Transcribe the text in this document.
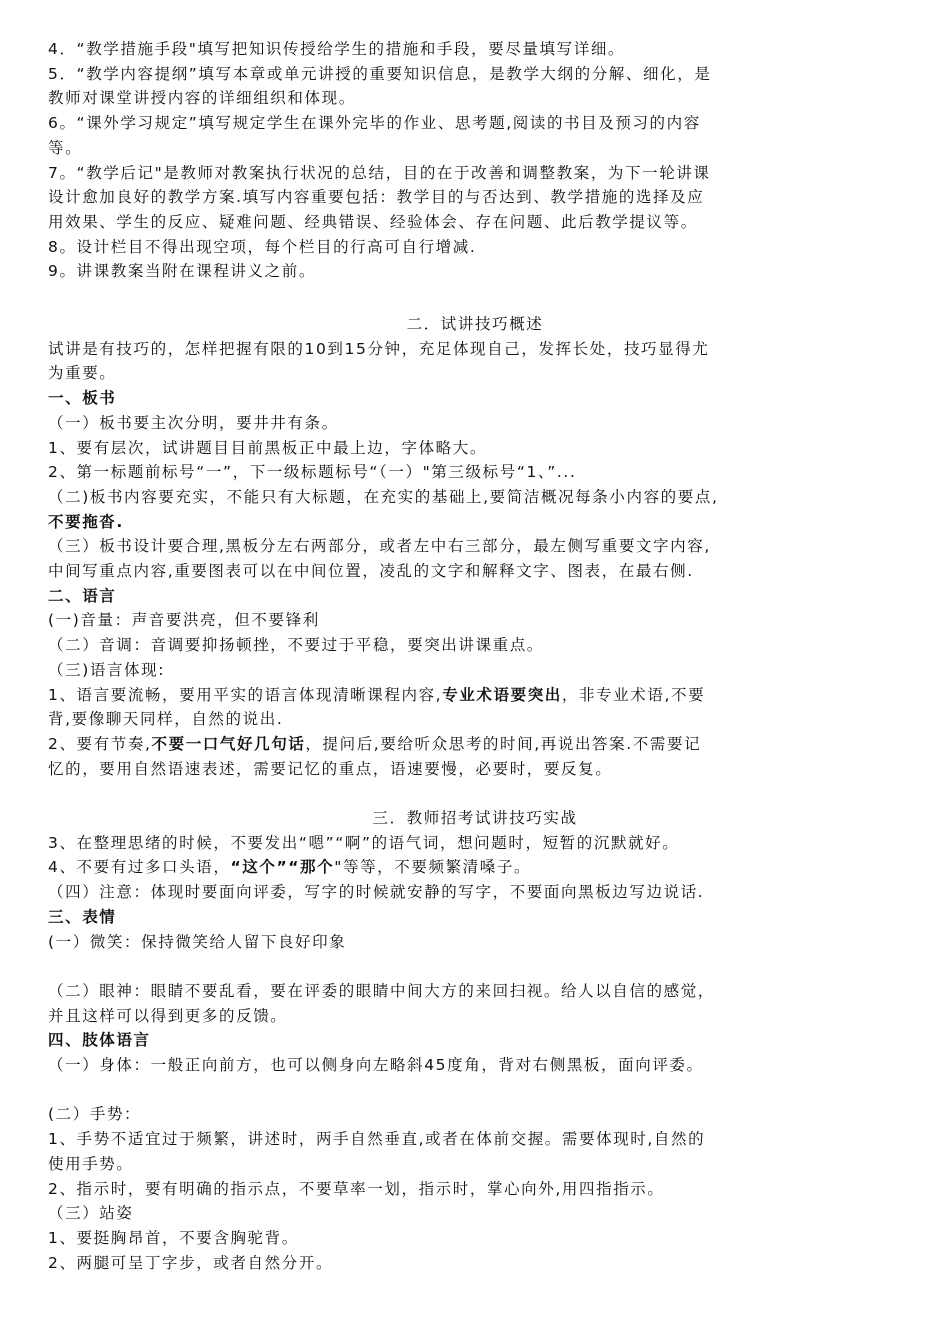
4．“教学措施手段"填写把知识传授给学生的措施和手段，要尽量填写详细。
5．“教学内容提纲”填写本章或单元讲授的重要知识信息，是教学大纲的分解、细化，是
教师对课堂讲授内容的详细组织和体现。
6。“课外学习规定”填写规定学生在课外完毕的作业、思考题,阅读的书目及预习的内容
等。
7。“教学后记"是教师对教案执行状况的总结，目的在于改善和调整教案，为下一轮讲课
设计愈加良好的教学方案.填写内容重要包括：教学目的与否达到、教学措施的选择及应
用效果、学生的反应、疑难问题、经典错误、经验体会、存在问题、此后教学提议等。
8。设计栏目不得出现空项，每个栏目的行高可自行增减.
9。讲课教案当附在课程讲义之前。
二．试讲技巧概述
试讲是有技巧的，怎样把握有限的10到15分钟，充足体现自己，发挥长处，技巧显得尤
为重要。
一、板书
（一）板书要主次分明，要井井有条。
1、要有层次，试讲题目目前黑板正中最上边，字体略大。
2、第一标题前标号“一”，下一级标题标号“（一）"第三级标号“1、”...
（二)板书内容要充实，不能只有大标题，在充实的基础上,要简洁概况每条小内容的要点,
不要拖沓.
（三）板书设计要合理,黑板分左右两部分，或者左中右三部分，最左侧写重要文字内容,
中间写重点内容,重要图表可以在中间位置，凌乱的文字和解释文字、图表，在最右侧.
二、语言
(一)音量：声音要洪亮，但不要锋利
（二）音调：音调要抑扬顿挫，不要过于平稳，要突出讲课重点。
（三)语言体现:
1、语言要流畅，要用平实的语言体现清晰课程内容,专业术语要突出，非专业术语,不要
背,要像聊天同样，自然的说出.
2、要有节奏,不要一口气好几句话，提问后,要给听众思考的时间,再说出答案.不需要记
忆的，要用自然语速表述，需要记忆的重点，语速要慢，必要时，要反复。
三．教师招考试讲技巧实战
3、在整理思绪的时候，不要发出“嗯”“啊”的语气词，想问题时，短暂的沉默就好。
4、不要有过多口头语，“这个”“那个"等等，不要频繁清嗓子。
（四）注意：体现时要面向评委，写字的时候就安静的写字，不要面向黑板边写边说话.
三、表情
(一）微笑：保持微笑给人留下良好印象
（二）眼神：眼睛不要乱看，要在评委的眼睛中间大方的来回扫视。给人以自信的感觉，
并且这样可以得到更多的反馈。
四、肢体语言
（一）身体：一般正向前方，也可以侧身向左略斜45度角，背对右侧黑板，面向评委。
(二）手势：
1、手势不适宜过于频繁，讲述时，两手自然垂直,或者在体前交握。需要体现时,自然的
使用手势。
2、指示时，要有明确的指示点，不要草率一划，指示时，掌心向外,用四指指示。
（三）站姿
1、要挺胸昂首，不要含胸驼背。
2、两腿可呈丁字步，或者自然分开。
